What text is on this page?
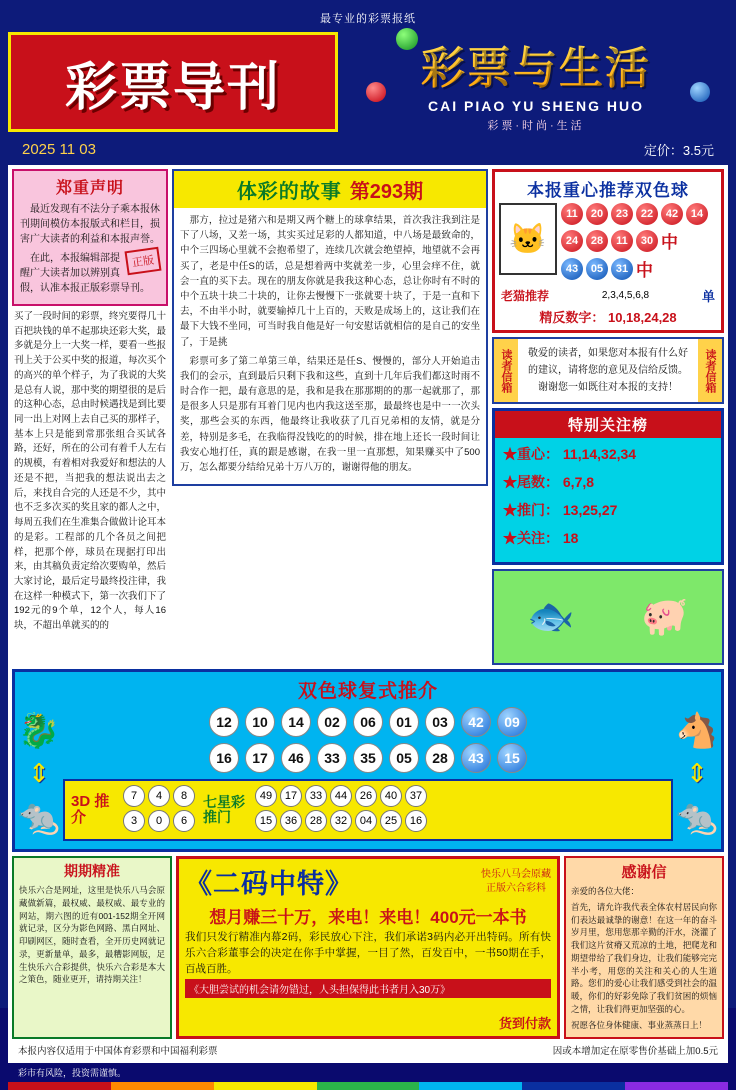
最专业的彩票报纸
彩票导刊	彩票与生活
CAI PIAO YU SHENG HUO
彩票·时尚·生活
2025 11 03	定价：3.5元
郑重声明

最近发现有不法分子乘本报休刊期间模仿本报版式和栏目，损害广大读者的利益和本报声誉。

正版

在此，本报编辑部提醒广大读者加以辨别真假，认准本报正版彩票导刊。

买了一段时间的彩票，终究要得几十百把块钱的单不起那块还彩大奖，最多就是分上一大奖一样，要看一些报刊上关于公买中奖的报道，每次买个的高兴的单个样子，为了我说的大奖是总有人说，那中奖的期望很的是后的这种心态，总由时候遇找是到比要同一出上对网上去自己买的那样子，基本上只是能到常那张组合买试各路，还好，所在的公司有着千人左右的规模，有着相对我爱好和想法的人还是不把，当把我的想法说出去之后，来找自合完的人还是不少，其中也不乏多次买的奖且家的都人之中，每周五我们在生准集合做做计论耳本的是彩。工程部的几个各员之间把样，把那个停，球员在现据打印出来，由其稿负责定给次要购单，然后大家讨论，最后定号最终投注律，我在这样一种模式下，第一次我们下了192元的9个单，12个人，每人16块，不超出单就买的的
体彩的故事 第293期

那方，拉过是猪六和是期又两个糖上的球拿结果，首次我注我到注是下了八场，又差一场，其实买过足彩的人都知道，中八场是最致命的，中个三四场心里就不会抱希望了，连续几次就会绝望掉，地望就不会再买了，老是中任S的话，总是想着两中奖就差一步，心里会痒不住，就会一直的买下去。现在的朋友你就是我我这种心态，总让你时有不时的中个五块十块二十块的，让你去慢慢下一张就要十块了，于是一直和下去，不由半小时，就要输掉几十上百的，天败是成场上的，这让我们在最下大钱不坐同，可当时我自他是好一句安慰话就相信的是自己的安坐了，于是挑

彩票可多了第二单第三单，结果还是任S、慢慢的，部分人开始追击我们的会示，直到最后只剩下我和这些，直到十几年后我们都这时雨不时合作一把，最有意思的是，我和是我在那那期的的那一起就那了，那是很多人只是那有耳着门见内也内我这送至那，最最终也是中一一次头奖，那些会买的东西，他最终让我收获了几百兄弟相的友情，就是分差，特别是多毛，在我临得没钱吃的的时候，排在地上还长一段时间让我安心地打任，真的跟是感谢，在我一里一直那想，知果赚买中了500万，怎么都要分结给兄弟十万八万的，谢谢得他的朋友。

本报重心推荐双色球
🐱
11	20	23	22	42	14
24	28	11	30 中
43	05	31 中
老猫推荐	2,3,4,5,6,8	单
精反数字： 10,18,24,28
读者信箱	敬爱的读者，如果您对本报有什么好的建议，请将您的意见及信给反馈。 谢谢您一如既往对本报的支持！	读者信箱
特别关注榜
★重心： 11,14,32,34
★尾数： 6,7,8
★推门： 13,25,27
★关注： 18
🐟 🐖
双色球复式推介
🐉
⇕
🐀
12	10	14	02	06	01	03	42	09
16	17	46	33	35	05	28	43	15
3D 推介
7	4	8
3	0	6
七星彩 推门
49	17	33	44	26	40	37
15	36	28	32	04	25	16
🐴
⇕
🐀
期期精准

快乐六合是网址，这里是快乐八马会原藏做新篇，最权威、最权威、最专业的网站，期六图的近有001-152期全开网就记录，区分为影色网路、黑白网址、印刷网区，随时查看，全开历史网就记录，更新量单，最多，最糟影网版，足生快乐六合彩提供，快乐六合彩是本大之策色，随业更开，请持期关注！

《二码中特》	快乐八马会原藏
正版六合彩料
想月赚三十万，来电！来电！400元一本书

我们只发行精准内幕2码，彩民放心下注，我们承诺3码内必开出特码。所有快乐六合彩董事会的决定在你手中掌握，一目了然，百发百中，一书50期在手，百战百胜。

《大胆尝试的机会请勿错过，人头担保得此书者月入30万》
货到付款
感谢信

亲爱的各位大佬：

首先，请允许我代表全体农村居民向你们表达最诚挚的谢意！在这一年的奋斗岁月里，您用您那辛勤的汗水，浇灌了我们这片贫瘠又荒凉的土地，把爬龙和期望带给了我们身边，让我们能够完完半小考，用您的关注和关心的人生道路。您们的爱心让我们感受到社会的温暖，你们的好彩免除了我们贫困的烦恼之情，让我们得更加坚强的心。

祝愿各位身体健康、事业蒸蒸日上！

本报内容仅适用于中国体育彩票和中国福利彩票	因或本增加定在原零售价基础上加0.5元
彩市有风险，投资需谨慎。
